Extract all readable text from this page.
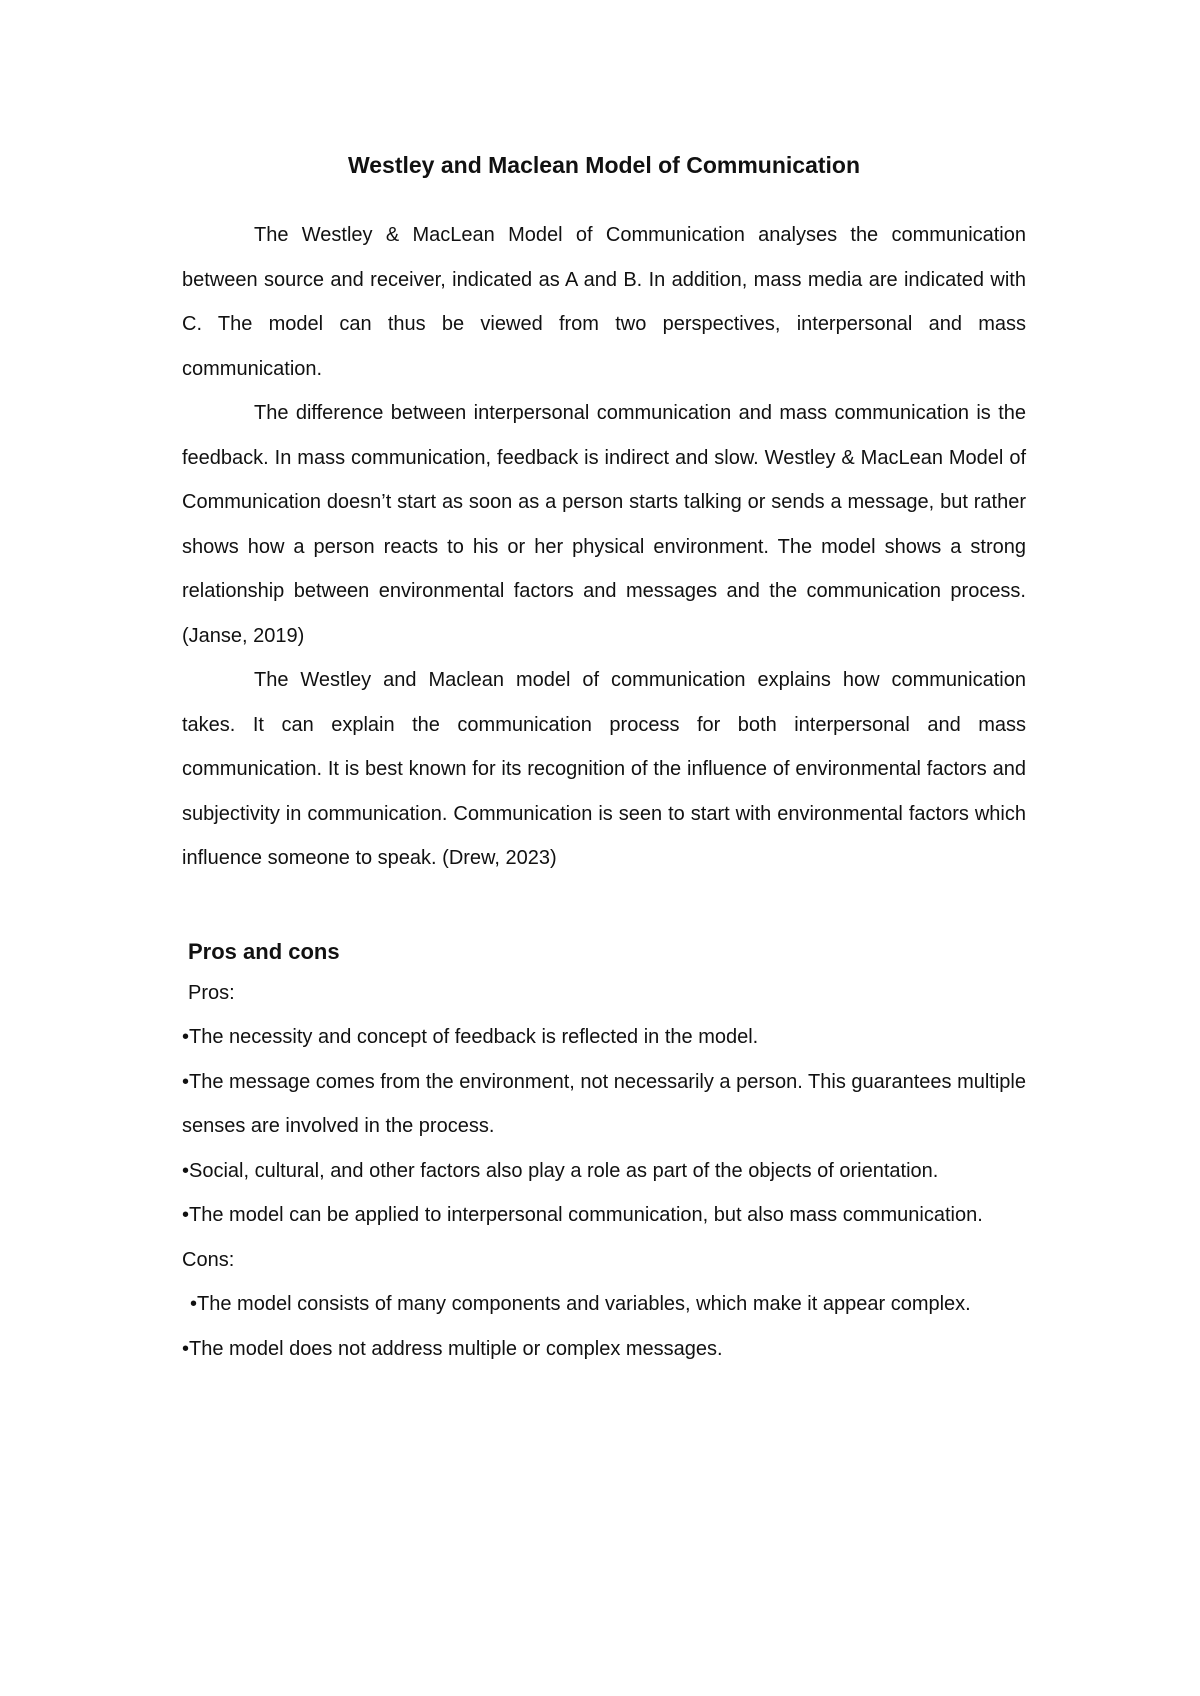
Westley and Maclean Model of Communication

The Westley & MacLean Model of Communication analyses the communication between source and receiver, indicated as A and B. In addition, mass media are indicated with C. The model can thus be viewed from two perspectives, interpersonal and mass communication.

The difference between interpersonal communication and mass communication is the feedback. In mass communication, feedback is indirect and slow. Westley & MacLean Model of Communication doesn’t start as soon as a person starts talking or sends a message, but rather shows how a person reacts to his or her physical environment. The model shows a strong relationship between environmental factors and messages and the communication process. (Janse, 2019)

The Westley and Maclean model of communication explains how communication takes. It can explain the communication process for both interpersonal and mass communication. It is best known for its recognition of the influence of environmental factors and subjectivity in communication. Communication is seen to start with environmental factors which influence someone to speak. (Drew, 2023)

Pros and cons

Pros:

•The necessity and concept of feedback is reflected in the model.

•The message comes from the environment, not necessarily a person. This guarantees multiple senses are involved in the process.

•Social, cultural, and other factors also play a role as part of the objects of orientation.

•The model can be applied to interpersonal communication, but also mass communication.

Cons:

•The model consists of many components and variables, which make it appear complex.

•The model does not address multiple or complex messages.
